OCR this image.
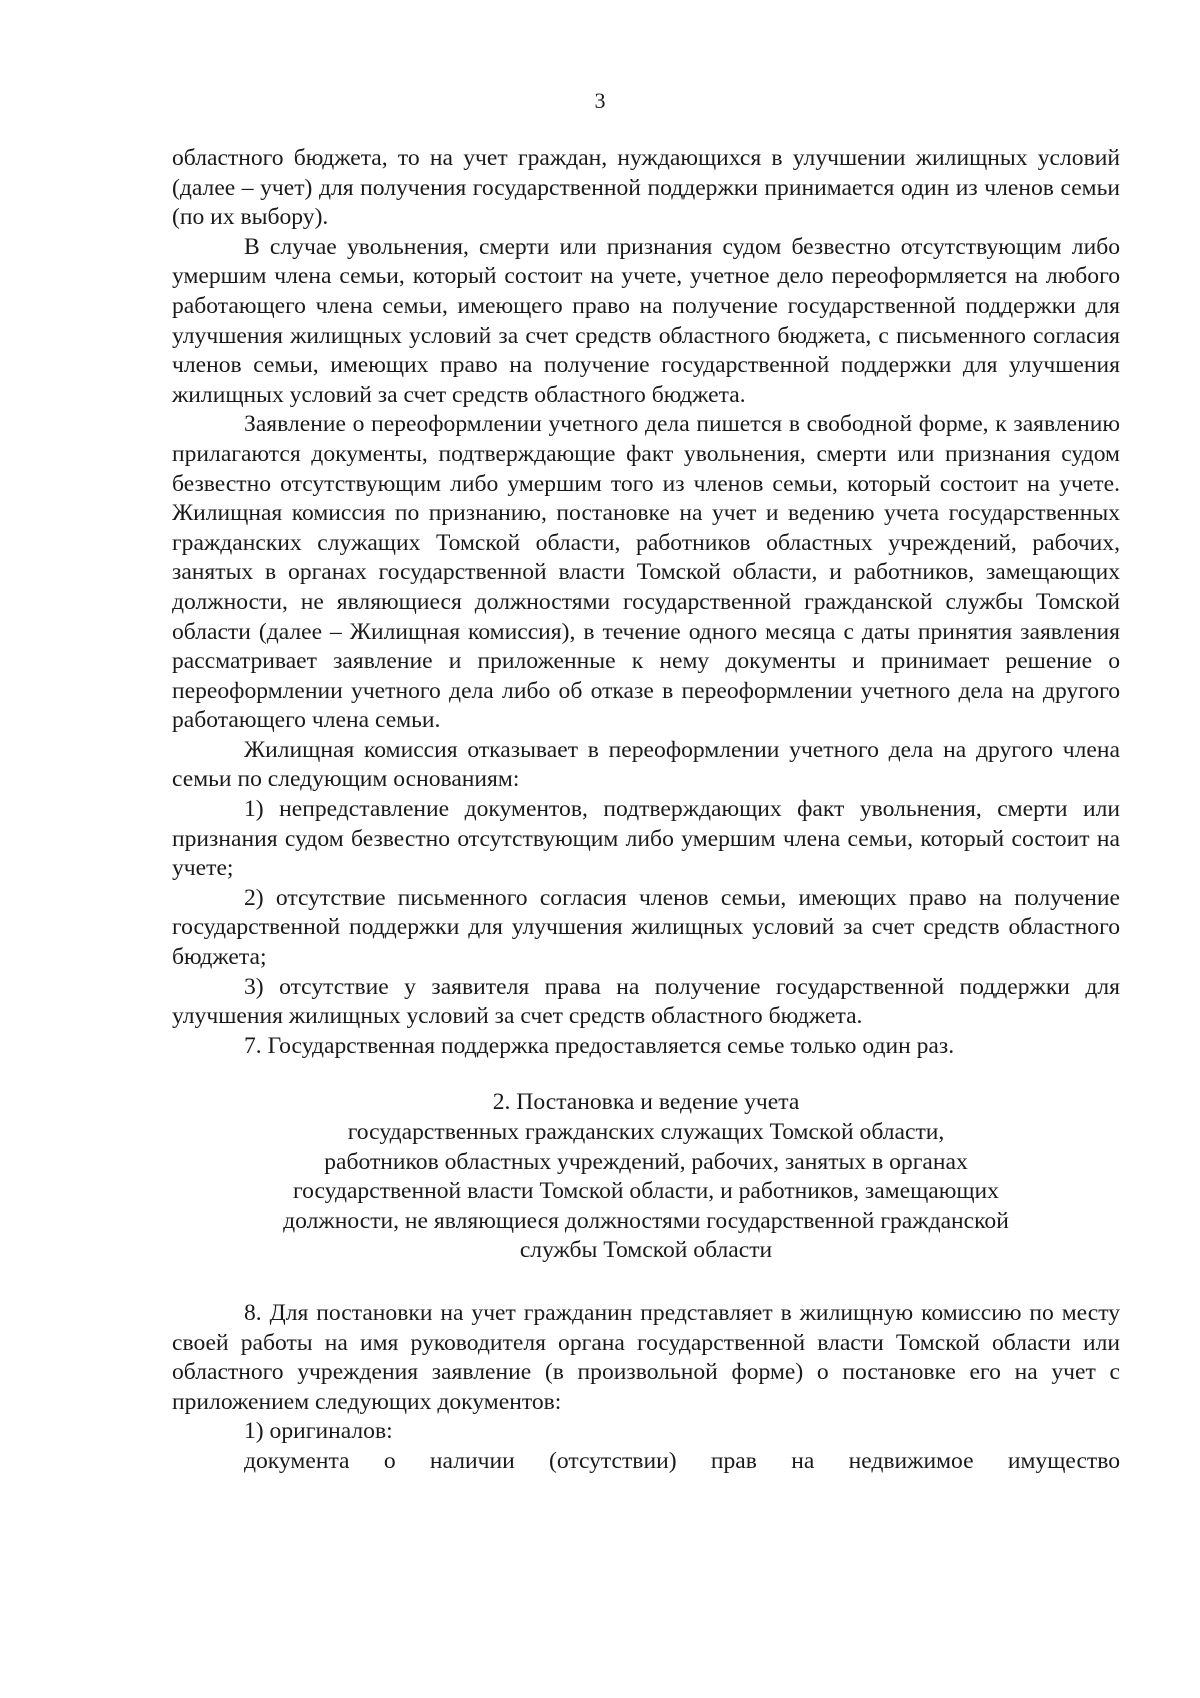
3

областного бюджета, то на учет граждан, нуждающихся в улучшении жилищных условий (далее – учет) для получения государственной поддержки принимается один из членов семьи (по их выбору).

В случае увольнения, смерти или признания судом безвестно отсутствующим либо умершим члена семьи, который состоит на учете, учетное дело переоформляется на любого работающего члена семьи, имеющего право на получение государственной поддержки для улучшения жилищных условий за счет средств областного бюджета, с письменного согласия членов семьи, имеющих право на получение государственной поддержки для улучшения жилищных условий за счет средств областного бюджета.

Заявление о переоформлении учетного дела пишется в свободной форме, к заявлению прилагаются документы, подтверждающие факт увольнения, смерти или признания судом безвестно отсутствующим либо умершим того из членов семьи, который состоит на учете. Жилищная комиссия по признанию, постановке на учет и ведению учета государственных гражданских служащих Томской области, работников областных учреждений, рабочих, занятых в органах государственной власти Томской области, и работников, замещающих должности, не являющиеся должностями государственной гражданской службы Томской области (далее – Жилищная комиссия), в течение одного месяца с даты принятия заявления рассматривает заявление и приложенные к нему документы и принимает решение о переоформлении учетного дела либо об отказе в переоформлении учетного дела на другого работающего члена семьи.

Жилищная комиссия отказывает в переоформлении учетного дела на другого члена семьи по следующим основаниям:

1) непредставление документов, подтверждающих факт увольнения, смерти или признания судом безвестно отсутствующим либо умершим члена семьи, который состоит на учете;

2) отсутствие письменного согласия членов семьи, имеющих право на получение государственной поддержки для улучшения жилищных условий за счет средств областного бюджета;

3) отсутствие у заявителя права на получение государственной поддержки для улучшения жилищных условий за счет средств областного бюджета.

7. Государственная поддержка предоставляется семье только один раз.

2. Постановка и ведение учета
государственных гражданских служащих Томской области,
работников областных учреждений, рабочих, занятых в органах
государственной власти Томской области, и работников, замещающих
должности, не являющиеся должностями государственной гражданской
службы Томской области

8. Для постановки на учет гражданин представляет в жилищную комиссию по месту своей работы на имя руководителя органа государственной власти Томской области или областного учреждения заявление (в произвольной форме) о постановке его на учет с приложением следующих документов:

1) оригиналов:

документа о наличии (отсутствии) прав на недвижимое имущество
